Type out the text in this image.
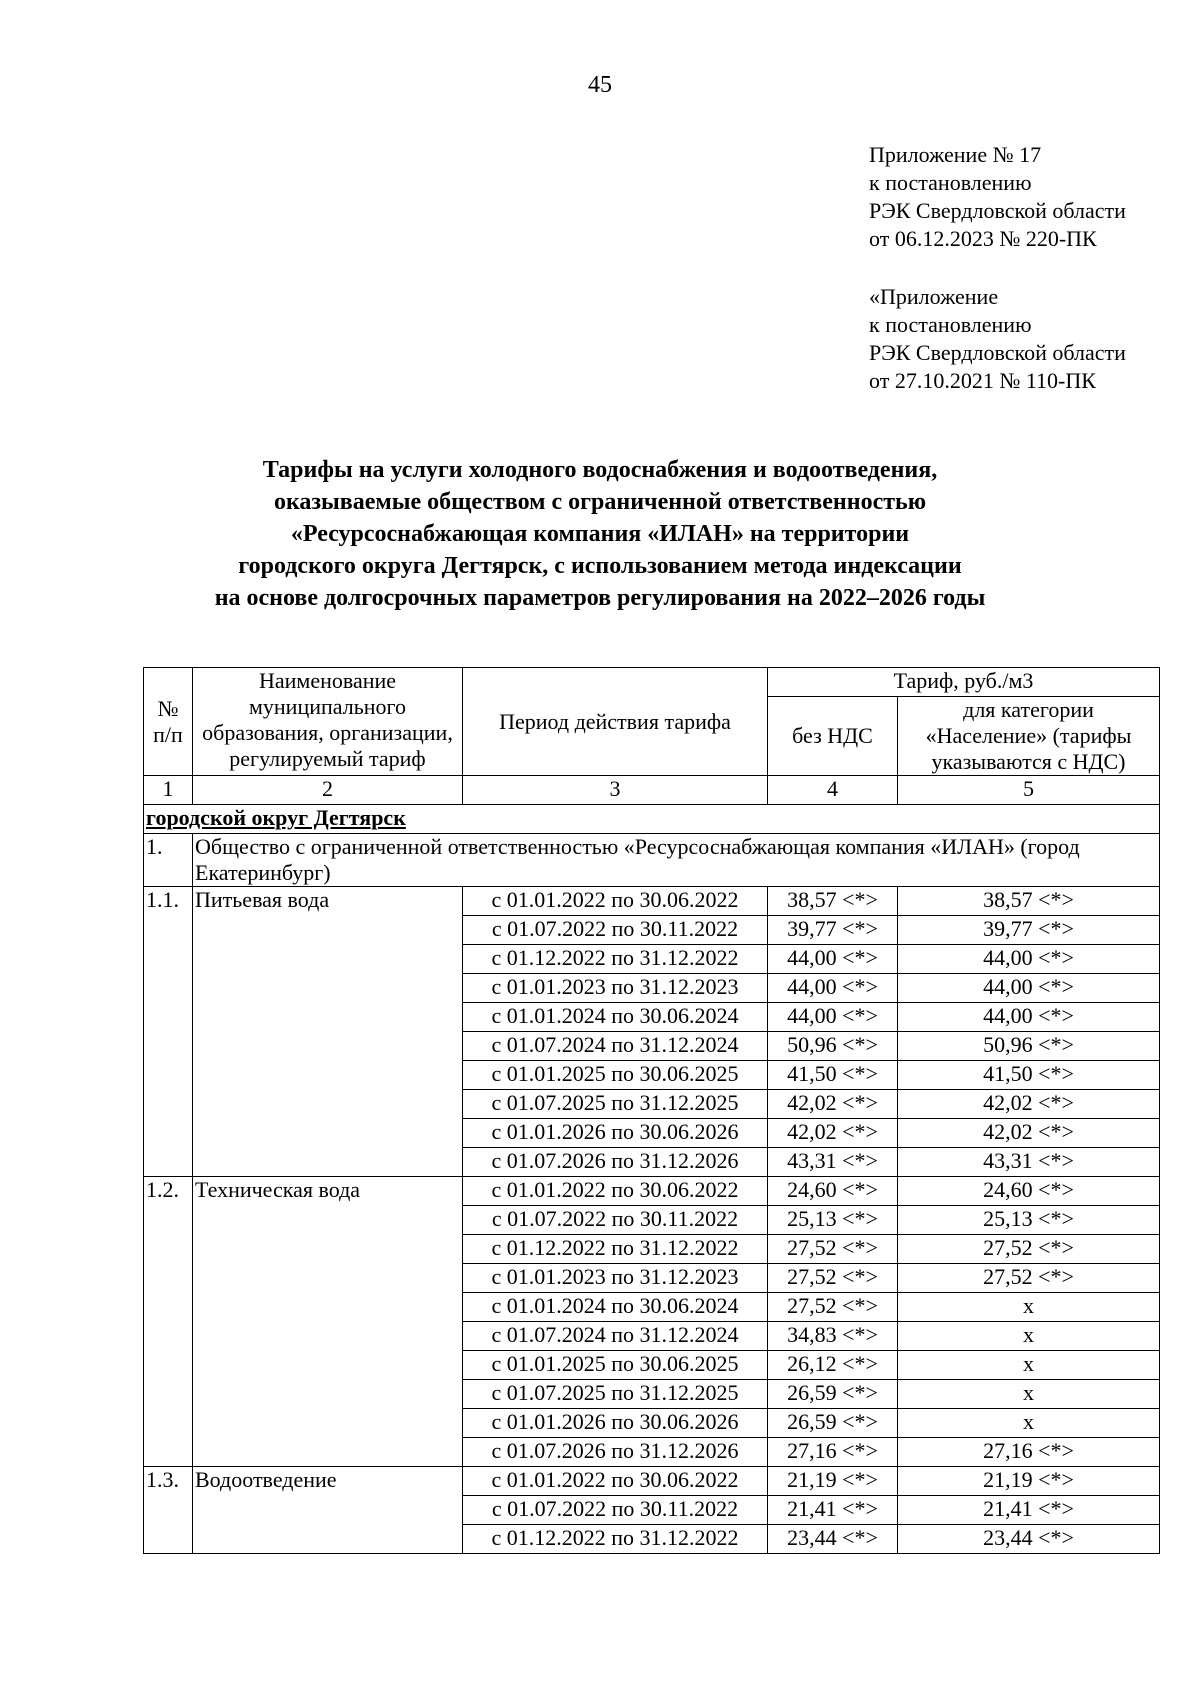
45
Приложение № 17
к постановлению
РЭК Свердловской области
от 06.12.2023 № 220-ПК
«Приложение
к постановлению
РЭК Свердловской области
от 27.10.2021 № 110-ПК
Тарифы на услуги холодного водоснабжения и водоотведения,
оказываемые обществом с ограниченной ответственностью
«Ресурсоснабжающая компания «ИЛАН» на территории
городского округа Дегтярск, с использованием метода индексации
на основе долгосрочных параметров регулирования на 2022–2026 годы
№ п/п	Наименование муниципального образования, организации, регулируемый тариф	Период действия тарифа	Тариф, руб./м3	
			без НДС	для категории «Население» (тарифы указываются с НДС)
1	2	3	4	5
городской округ Дегтярск				
1.	Общество с ограниченной ответственностью «Ресурсоснабжающая компания «ИЛАН» (город Екатеринбург)			
1.1.	Питьевая вода	с 01.01.2022 по 30.06.2022	38,57 <*>	38,57 <*>
		с 01.07.2022 по 30.11.2022	39,77 <*>	39,77 <*>
		с 01.12.2022 по 31.12.2022	44,00 <*>	44,00 <*>
		с 01.01.2023 по 31.12.2023	44,00 <*>	44,00 <*>
		с 01.01.2024 по 30.06.2024	44,00 <*>	44,00 <*>
		с 01.07.2024 по 31.12.2024	50,96 <*>	50,96 <*>
		с 01.01.2025 по 30.06.2025	41,50 <*>	41,50 <*>
		с 01.07.2025 по 31.12.2025	42,02 <*>	42,02 <*>
		с 01.01.2026 по 30.06.2026	42,02 <*>	42,02 <*>
		с 01.07.2026 по 31.12.2026	43,31 <*>	43,31 <*>
1.2.	Техническая вода	с 01.01.2022 по 30.06.2022	24,60 <*>	24,60 <*>
		с 01.07.2022 по 30.11.2022	25,13 <*>	25,13 <*>
		с 01.12.2022 по 31.12.2022	27,52 <*>	27,52 <*>
		с 01.01.2023 по 31.12.2023	27,52 <*>	27,52 <*>
		с 01.01.2024 по 30.06.2024	27,52 <*>	х
		с 01.07.2024 по 31.12.2024	34,83 <*>	х
		с 01.01.2025 по 30.06.2025	26,12 <*>	х
		с 01.07.2025 по 31.12.2025	26,59 <*>	х
		с 01.01.2026 по 30.06.2026	26,59 <*>	х
		с 01.07.2026 по 31.12.2026	27,16 <*>	27,16 <*>
1.3.	Водоотведение	с 01.01.2022 по 30.06.2022	21,19 <*>	21,19 <*>
		с 01.07.2022 по 30.11.2022	21,41 <*>	21,41 <*>
		с 01.12.2022 по 31.12.2022	23,44 <*>	23,44 <*>
